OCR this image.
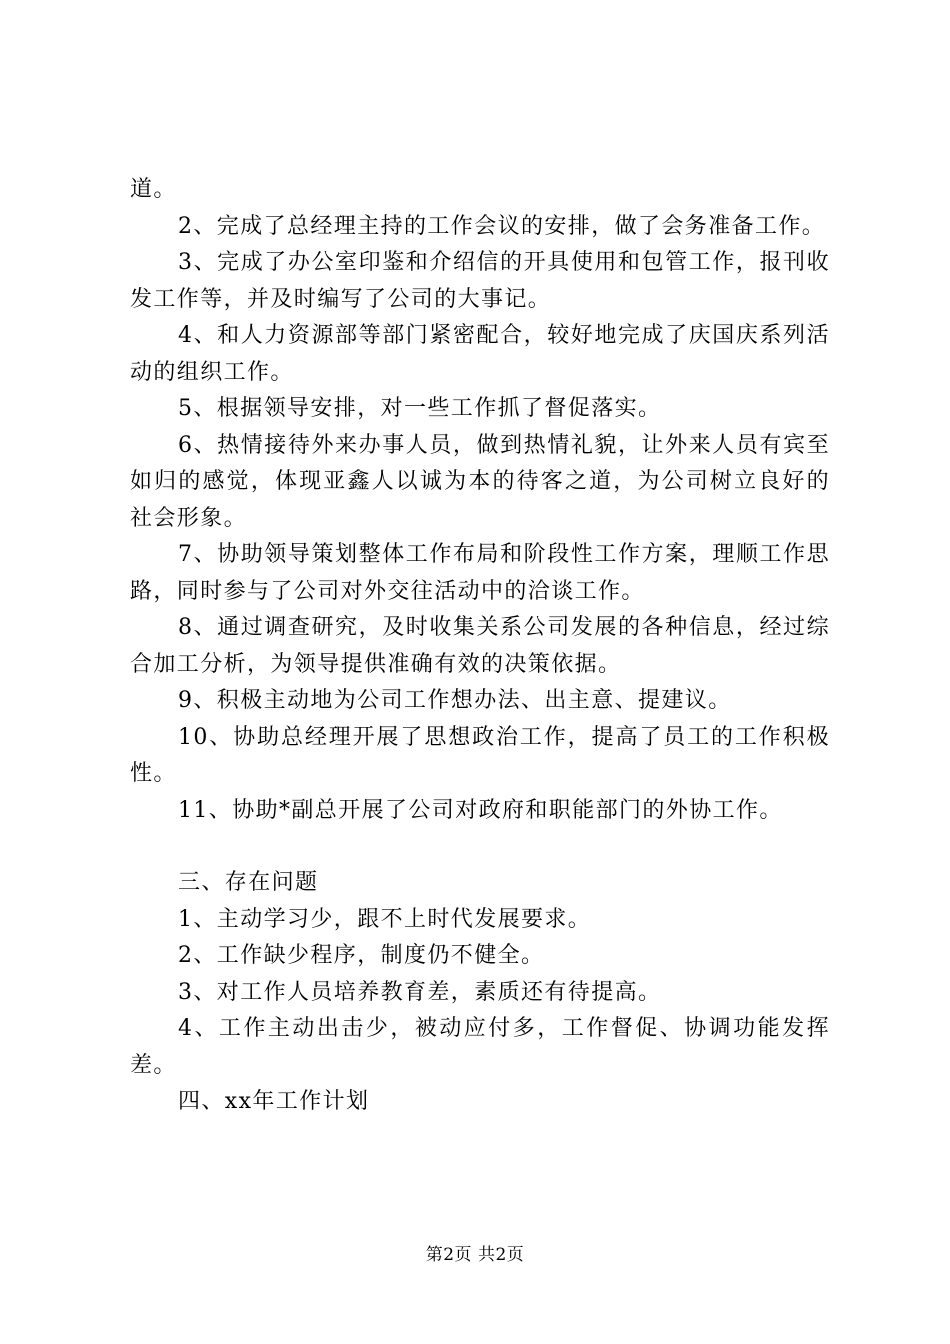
道。

2、完成了总经理主持的工作会议的安排，做了会务准备工作。

3、完成了办公室印鉴和介绍信的开具使用和包管工作，报刊收发工作等，并及时编写了公司的大事记。

4、和人力资源部等部门紧密配合，较好地完成了庆国庆系列活动的组织工作。

5、根据领导安排，对一些工作抓了督促落实。

6、热情接待外来办事人员，做到热情礼貌，让外来人员有宾至如归的感觉，体现亚鑫人以诚为本的待客之道，为公司树立良好的社会形象。

7、协助领导策划整体工作布局和阶段性工作方案，理顺工作思路，同时参与了公司对外交往活动中的洽谈工作。

8、通过调查研究，及时收集关系公司发展的各种信息，经过综合加工分析，为领导提供准确有效的决策依据。

9、积极主动地为公司工作想办法、出主意、提建议。

10、协助总经理开展了思想政治工作，提高了员工的工作积极性。

11、协助*副总开展了公司对政府和职能部门的外协工作。

三、存在问题

1、主动学习少，跟不上时代发展要求。

2、工作缺少程序，制度仍不健全。

3、对工作人员培养教育差，素质还有待提高。

4、工作主动出击少，被动应付多，工作督促、协调功能发挥差。

四、xx年工作计划

第2页 共2页
